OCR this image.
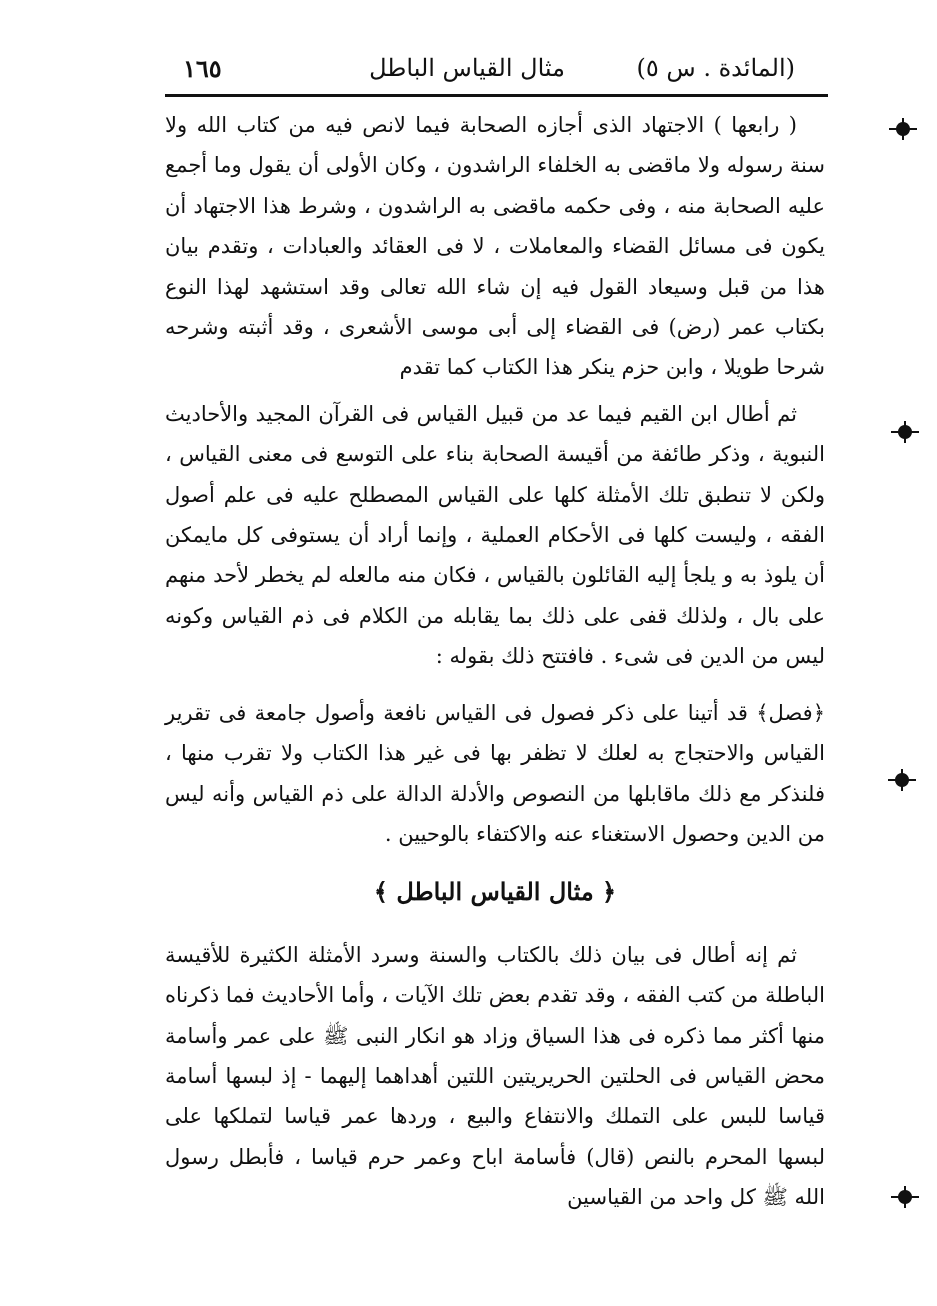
(المائدة . س ٥)
مثال القياس الباطل
١٦٥

( رابعها ) الاجتهاد الذى أجازه الصحابة فيما لانص فيه من كتاب الله ولا سنة رسوله ولا ماقضى به الخلفاء الراشدون ، وكان الأولى أن يقول وما أجمع عليه الصحابة منه ، وفى حكمه ماقضى به الراشدون ، وشرط هذا الاجتهاد أن يكون فى مسائل القضاء والمعاملات ، لا فى العقائد والعبادات ، وتقدم بيان هذا من قبل وسيعاد القول فيه إن شاء الله تعالى وقد استشهد لهذا النوع بكتاب عمر (رض) فى القضاء إلى أبى موسى الأشعرى ، وقد أثبته وشرحه شرحا طويلا ، وابن حزم ينكر هذا الكتاب كما تقدم

ثم أطال ابن القيم فيما عد من قبيل القياس فى القرآن المجيد والأحاديث النبوية ، وذكر طائفة من أقيسة الصحابة بناء على التوسع فى معنى القياس ، ولكن لا تنطبق تلك الأمثلة كلها على القياس المصطلح عليه فى علم أصول الفقه ، وليست كلها فى الأحكام العملية ، وإنما أراد أن يستوفى كل مايمكن أن يلوذ به و يلجأ إليه القائلون بالقياس ، فكان منه مالعله لم يخطر لأحد منهم على بال ، ولذلك قفى على ذلك بما يقابله من الكلام فى ذم القياس وكونه ليس من الدين فى شىء . فافتتح ذلك بقوله :

﴿فصل﴾ قد أتينا على ذكر فصول فى القياس نافعة وأصول جامعة فى تقرير القياس والاحتجاج به لعلك لا تظفر بها فى غير هذا الكتاب ولا تقرب منها ، فلنذكر مع ذلك ماقابلها من النصوص والأدلة الدالة على ذم القياس وأنه ليس من الدين وحصول الاستغناء عنه والاكتفاء بالوحيين .

﴿ مثال القياس الباطل ﴾

ثم إنه أطال فى بيان ذلك بالكتاب والسنة وسرد الأمثلة الكثيرة للأقيسة الباطلة من كتب الفقه ، وقد تقدم بعض تلك الآيات ، وأما الأحاديث فما ذكرناه منها أكثر مما ذكره فى هذا السياق وزاد هو انكار النبى ﷺ على عمر وأسامة محض القياس فى الحلتين الحريريتين اللتين أهداهما إليهما - إذ لبسها أسامة قياسا للبس على التملك والانتفاع والبيع ، وردها عمر قياسا لتملكها على لبسها المحرم بالنص (قال) فأسامة اباح وعمر حرم قياسا ، فأبطل رسول الله ﷺ كل واحد من القياسين
